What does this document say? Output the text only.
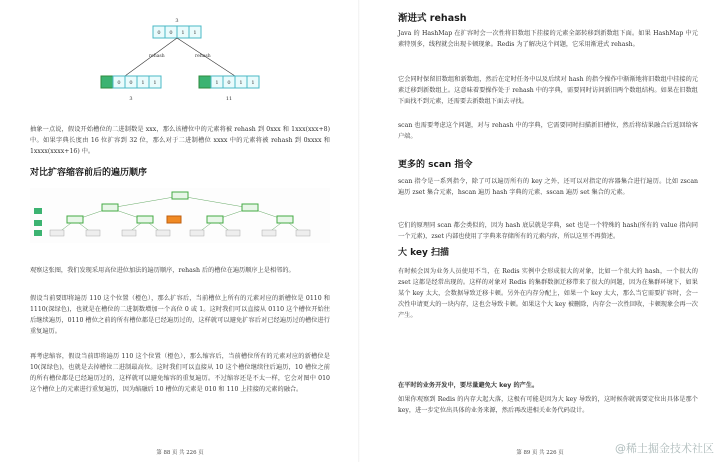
3
0 0 1 1
rehash	rehash
0 0 1 1	1 0 1 1
3	11

抽象一点说，假设开始槽位的二进制数是 xxx，那么该槽位中的元素将被 rehash 到 0xxx 和 1xxx(xxx+8) 中。如果字典长度由 16 位扩容到 32 位，那么对于二进制槽位 xxxx 中的元素将被 rehash 到 0xxxx 和 1xxxx(xxxx+16) 中。

对比扩容缩容前后的遍历顺序

观察这张图，我们发现采用高位进位加法的遍历顺序，rehash 后的槽位在遍历顺序上是相邻的。

假设当前要即将遍历 110 这个位置（橙色），那么扩容后，当前槽位上所有的元素对应的新槽位是 0110 和 1110(深绿色)，也就是在槽位的二进制数增加一个高位 0 或 1。这时我们可以直接从 0110 这个槽位开始往后继续遍历，0110 槽位之前的所有槽位都是已经遍历过的，这样就可以避免扩容后对已经遍历过的槽位进行重复遍历。

再考虑缩容，假设当前即将遍历 110 这个位置（橙色），那么缩容后，当前槽位所有的元素对应的新槽位是 10(深绿色)，也就是去掉槽位二进制最高位。这时我们可以直接从 10 这个槽位继续往后遍历，10 槽位之前的所有槽位都是已经遍历过的，这样就可以避免缩容的重复遍历。不过缩容还是不太一样，它会对图中 010 这个槽位上的元素进行重复遍历，因为缩融后 10 槽位的元素是 010 和 110 上挂接的元素的融合。

第 88 页 共 226 页
渐进式 rehash

Java 的 HashMap 在扩容时会一次性将旧数组下挂接的元素全部转移到新数组下面。如果 HashMap 中元素特别多，线程就会出现卡顿现象。Redis 为了解决这个问题，它采用渐进式 rehash。

它会同时保留旧数组和新数组，然后在定时任务中以及后续对 hash 的指令操作中渐渐地将旧数组中挂接的元素迁移到新数组上。这意味着要操作处于 rehash 中的字典，需要同时访问新旧两个数组结构。如果在旧数组下面找不到元素，还需要去新数组下面去寻找。

scan 也需要考虑这个问题，对与 rehash 中的字典，它需要同时扫描新旧槽位，然后将结果融合后返回给客户端。

更多的 scan 指令

scan 指令是一系列指令，除了可以遍历所有的 key 之外，还可以对指定的容器集合进行遍历。比如 zscan 遍历 zset 集合元素，hscan 遍历 hash 字典的元素、sscan 遍历 set 集合的元素。

它们的原理同 scan 都会类似的，因为 hash 底层就是字典，set 也是一个特殊的 hash(所有的 value 指向同一个元素)，zset 内部也使用了字典来存储所有的元素内容，所以这里不再赘述。

大 key 扫描

有时候会因为业务人员使用不当，在 Redis 实例中会形成很大的对象，比如一个很大的 hash，一个很大的 zset 这都是经常出现的。这样的对象对 Redis 的集群数据迁移带来了很大的问题，因为在集群环境下，如果某个 key 太大，会数据导致迁移卡顿。另外在内存分配上，如果一个 key 太大，那么当它需要扩容时，会一次性申请更大的一块内存，这也会导致卡顿。如果这个大 key 被删除，内存会一次性回收，卡顿现象会再一次产生。

在平时的业务开发中，要尽量避免大 key 的产生。

如果你观察到 Redis 的内存大起大落，这极有可能是因为大 key 导致的，这时候你就需要定位出具体是那个 key，进一步定位出具体的业务来源，然后再改进相关业务代码设计。

第 89 页 共 226 页	@稀土掘金技术社区
